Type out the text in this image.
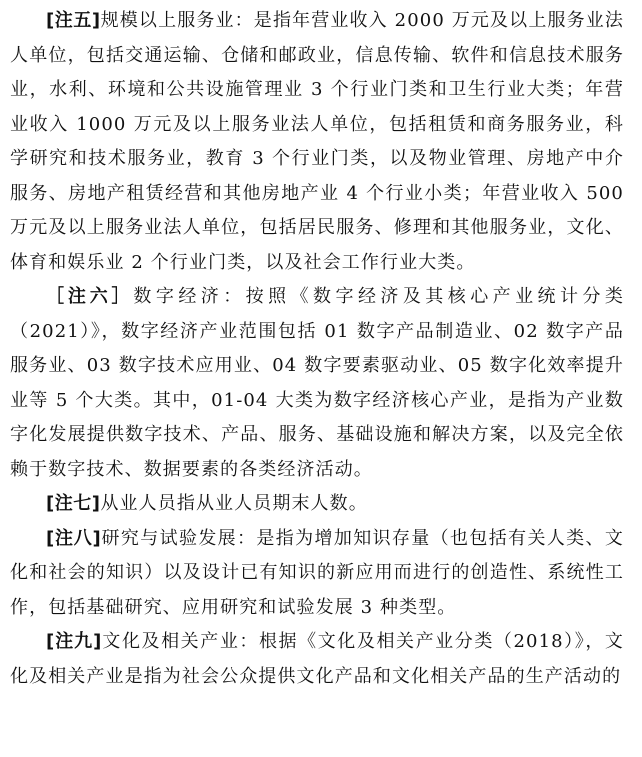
[注五]规模以上服务业：是指年营业收入 2000 万元及以上服务业法人单位，包括交通运输、仓储和邮政业，信息传输、软件和信息技术服务业，水利、环境和公共设施管理业 3 个行业门类和卫生行业大类；年营业收入 1000 万元及以上服务业法人单位，包括租赁和商务服务业，科学研究和技术服务业，教育 3 个行业门类，以及物业管理、房地产中介服务、房地产租赁经营和其他房地产业 4 个行业小类；年营业收入 500 万元及以上服务业法人单位，包括居民服务、修理和其他服务业，文化、体育和娱乐业 2 个行业门类，以及社会工作行业大类。

［注六］数字经济：按照《数字经济及其核心产业统计分类（2021）》，数字经济产业范围包括 01 数字产品制造业、02 数字产品服务业、03 数字技术应用业、04 数字要素驱动业、05 数字化效率提升业等 5 个大类。其中，01-04 大类为数字经济核心产业，是指为产业数字化发展提供数字技术、产品、服务、基础设施和解决方案，以及完全依赖于数字技术、数据要素的各类经济活动。

[注七]从业人员指从业人员期末人数。

[注八]研究与试验发展：是指为增加知识存量（也包括有关人类、文化和社会的知识）以及设计已有知识的新应用而进行的创造性、系统性工作，包括基础研究、应用研究和试验发展 3 种类型。

[注九]文化及相关产业：根据《文化及相关产业分类（2018）》，文化及相关产业是指为社会公众提供文化产品和文化相关产品的生产活动的
